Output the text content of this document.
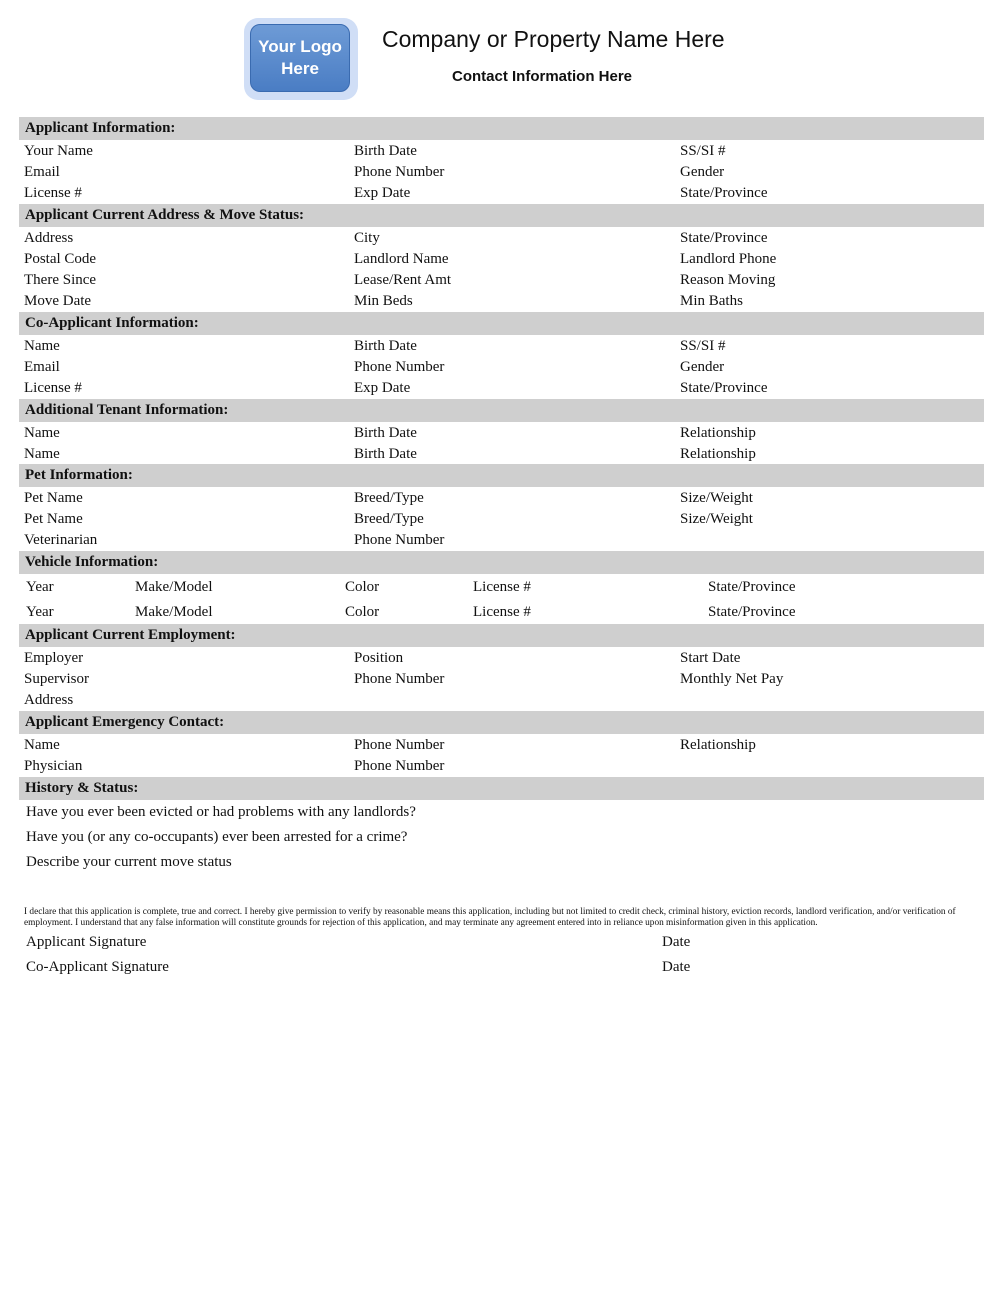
Your Logo Here
Company or Property Name Here
Contact Information Here
Applicant Information:
Your Name	Birth Date	SS/SI #
Email	Phone Number	Gender
License #	Exp Date	State/Province
Applicant Current Address & Move Status:
Address	City	State/Province
Postal Code	Landlord Name	Landlord Phone
There Since	Lease/Rent Amt	Reason Moving
Move Date	Min Beds	Min Baths
Co-Applicant Information:
Name	Birth Date	SS/SI #
Email	Phone Number	Gender
License #	Exp Date	State/Province
Additional Tenant Information:
Name	Birth Date	Relationship
Name	Birth Date	Relationship
Pet Information:
Pet Name	Breed/Type	Size/Weight
Pet Name	Breed/Type	Size/Weight
Veterinarian	Phone Number
Vehicle Information:
Year	Make/Model	Color	License #	State/Province
Year	Make/Model	Color	License #	State/Province
Applicant Current Employment:
Employer	Position	Start Date
Supervisor	Phone Number	Monthly Net Pay
Address
Applicant Emergency Contact:
Name	Phone Number	Relationship
Physician	Phone Number
History & Status:
Have you ever been evicted or had problems with any landlords?
Have you (or any co-occupants) ever been arrested for a crime?
Describe your current move status
I declare that this application is complete, true and correct. I hereby give permission to verify by reasonable means this application, including but not limited to credit check, criminal history, eviction records, landlord verification, and/or verification of employment. I understand that any false information will constitute grounds for rejection of this application, and may terminate any agreement entered into in reliance upon misinformation given in this application.
Applicant Signature	Date
Co-Applicant Signature	Date
